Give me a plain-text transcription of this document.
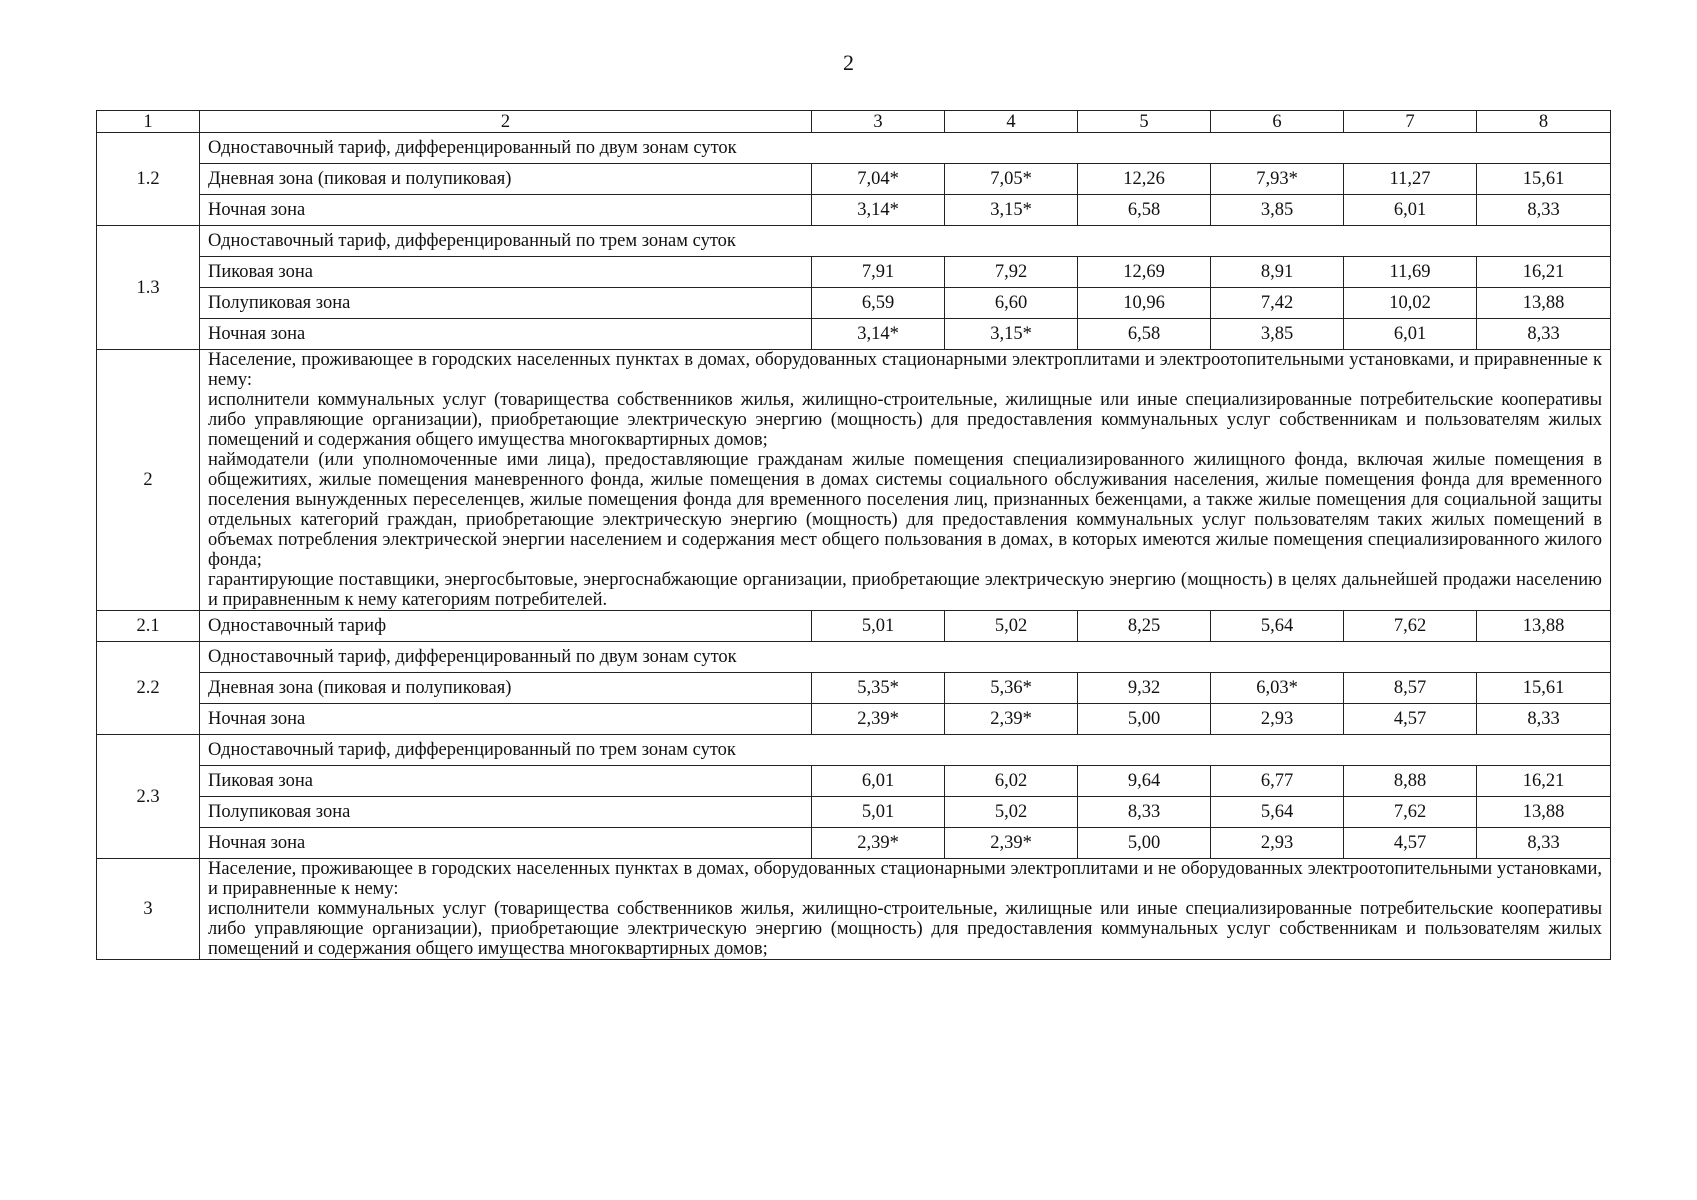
2
1	2	3	4	5	6	7	8
1.2	Одноставочный тариф, дифференцированный по двум зонам суток						
	Дневная зона (пиковая и полупиковая)	7,04*	7,05*	12,26	7,93*	11,27	15,61
	Ночная зона	3,14*	3,15*	6,58	3,85	6,01	8,33
1.3	Одноставочный тариф, дифференцированный по трем зонам суток						
	Пиковая зона	7,91	7,92	12,69	8,91	11,69	16,21
	Полупиковая зона	6,59	6,60	10,96	7,42	10,02	13,88
	Ночная зона	3,14*	3,15*	6,58	3,85	6,01	8,33
2	Население, проживающее в городских населенных пунктах в домах, оборудованных стационарными электроплитами и электроотопительными установками, и приравненные к нему:
исполнители коммунальных услуг (товарищества собственников жилья, жилищно-строительные, жилищные или иные специализированные потребительские кооперативы либо управляющие организации), приобретающие электрическую энергию (мощность) для предоставления коммунальных услуг собственникам и пользователям жилых помещений и содержания общего имущества многоквартирных домов;
наймодатели (или уполномоченные ими лица), предоставляющие гражданам жилые помещения специализированного жилищного фонда, включая жилые помещения в общежитиях, жилые помещения маневренного фонда, жилые помещения в домах системы социального обслуживания населения, жилые помещения фонда для временного поселения вынужденных переселенцев, жилые помещения фонда для временного поселения лиц, признанных беженцами, а также жилые помещения для социальной защиты отдельных категорий граждан, приобретающие электрическую энергию (мощность) для предоставления коммунальных услуг пользователям таких жилых помещений в объемах потребления электрической энергии населением и содержания мест общего пользования в домах, в которых имеются жилые помещения специализированного жилого фонда;
гарантирующие поставщики, энергосбытовые, энергоснабжающие организации, приобретающие электрическую энергию (мощность) в целях дальнейшей продажи населению и приравненным к нему категориям потребителей.						

2.1	Одноставочный тариф	5,01	5,02	8,25	5,64	7,62	13,88
2.2	Одноставочный тариф, дифференцированный по двум зонам суток						
	Дневная зона (пиковая и полупиковая)	5,35*	5,36*	9,32	6,03*	8,57	15,61
	Ночная зона	2,39*	2,39*	5,00	2,93	4,57	8,33
2.3	Одноставочный тариф, дифференцированный по трем зонам суток						
	Пиковая зона	6,01	6,02	9,64	6,77	8,88	16,21
	Полупиковая зона	5,01	5,02	8,33	5,64	7,62	13,88
	Ночная зона	2,39*	2,39*	5,00	2,93	4,57	8,33
3	Население, проживающее в городских населенных пунктах в домах, оборудованных стационарными электроплитами и не оборудованных электроотопительными установками, и приравненные к нему:
исполнители коммунальных услуг (товарищества собственников жилья, жилищно-строительные, жилищные или иные специализированные потребительские кооперативы либо управляющие организации), приобретающие электрическую энергию (мощность) для предоставления коммунальных услуг собственникам и пользователям жилых помещений и содержания общего имущества многоквартирных домов;						
